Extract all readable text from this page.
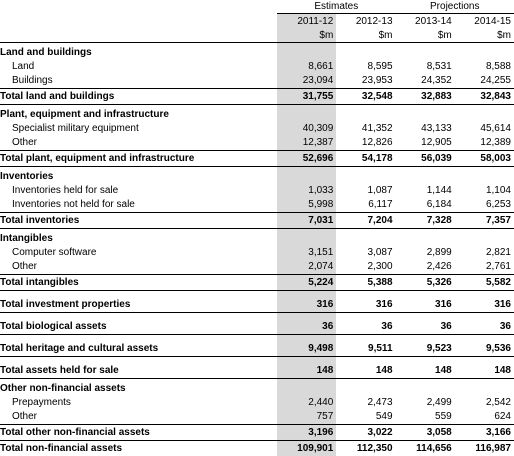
	Estimates		Projections	
	2011-12	2012-13	2013-14	2014-15
	$m	$m	$m	$m
Land and buildings				
Land	8,661	8,595	8,531	8,588
Buildings	23,094	23,953	24,352	24,255
Total land and buildings	31,755	32,548	32,883	32,843
Plant, equipment and infrastructure				
Specialist military equipment	40,309	41,352	43,133	45,614
Other	12,387	12,826	12,905	12,389
Total plant, equipment and infrastructure	52,696	54,178	56,039	58,003
Inventories				
Inventories held for sale	1,033	1,087	1,144	1,104
Inventories not held for sale	5,998	6,117	6,184	6,253
Total inventories	7,031	7,204	7,328	7,357
Intangibles				
Computer software	3,151	3,087	2,899	2,821
Other	2,074	2,300	2,426	2,761
Total intangibles	5,224	5,388	5,326	5,582
Total investment properties	316	316	316	316
Total biological assets	36	36	36	36
Total heritage and cultural assets	9,498	9,511	9,523	9,536
Total assets held for sale	148	148	148	148
Other non-financial assets				
Prepayments	2,440	2,473	2,499	2,542
Other	757	549	559	624
Total other non-financial assets	3,196	3,022	3,058	3,166
Total non-financial assets	109,901	112,350	114,656	116,987
